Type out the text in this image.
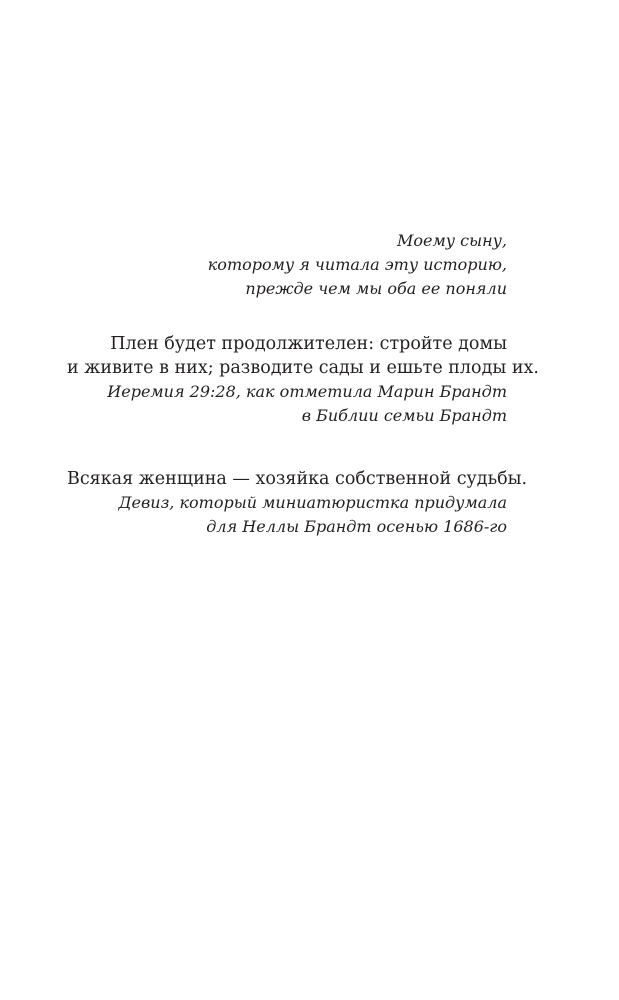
Моему сыну,
которому я читала эту историю,
прежде чем мы оба ее поняли
Плен будет продолжителен: стройте домы
и живите в них; разводите сады и ешьте плоды их.
Иеремия 29:28, как отметила Марин Брандт
в Библии семьи Брандт
Всякая женщина — хозяйка собственной судьбы.
Девиз, который миниатюристка придумала
для Неллы Брандт осенью 1686-го
